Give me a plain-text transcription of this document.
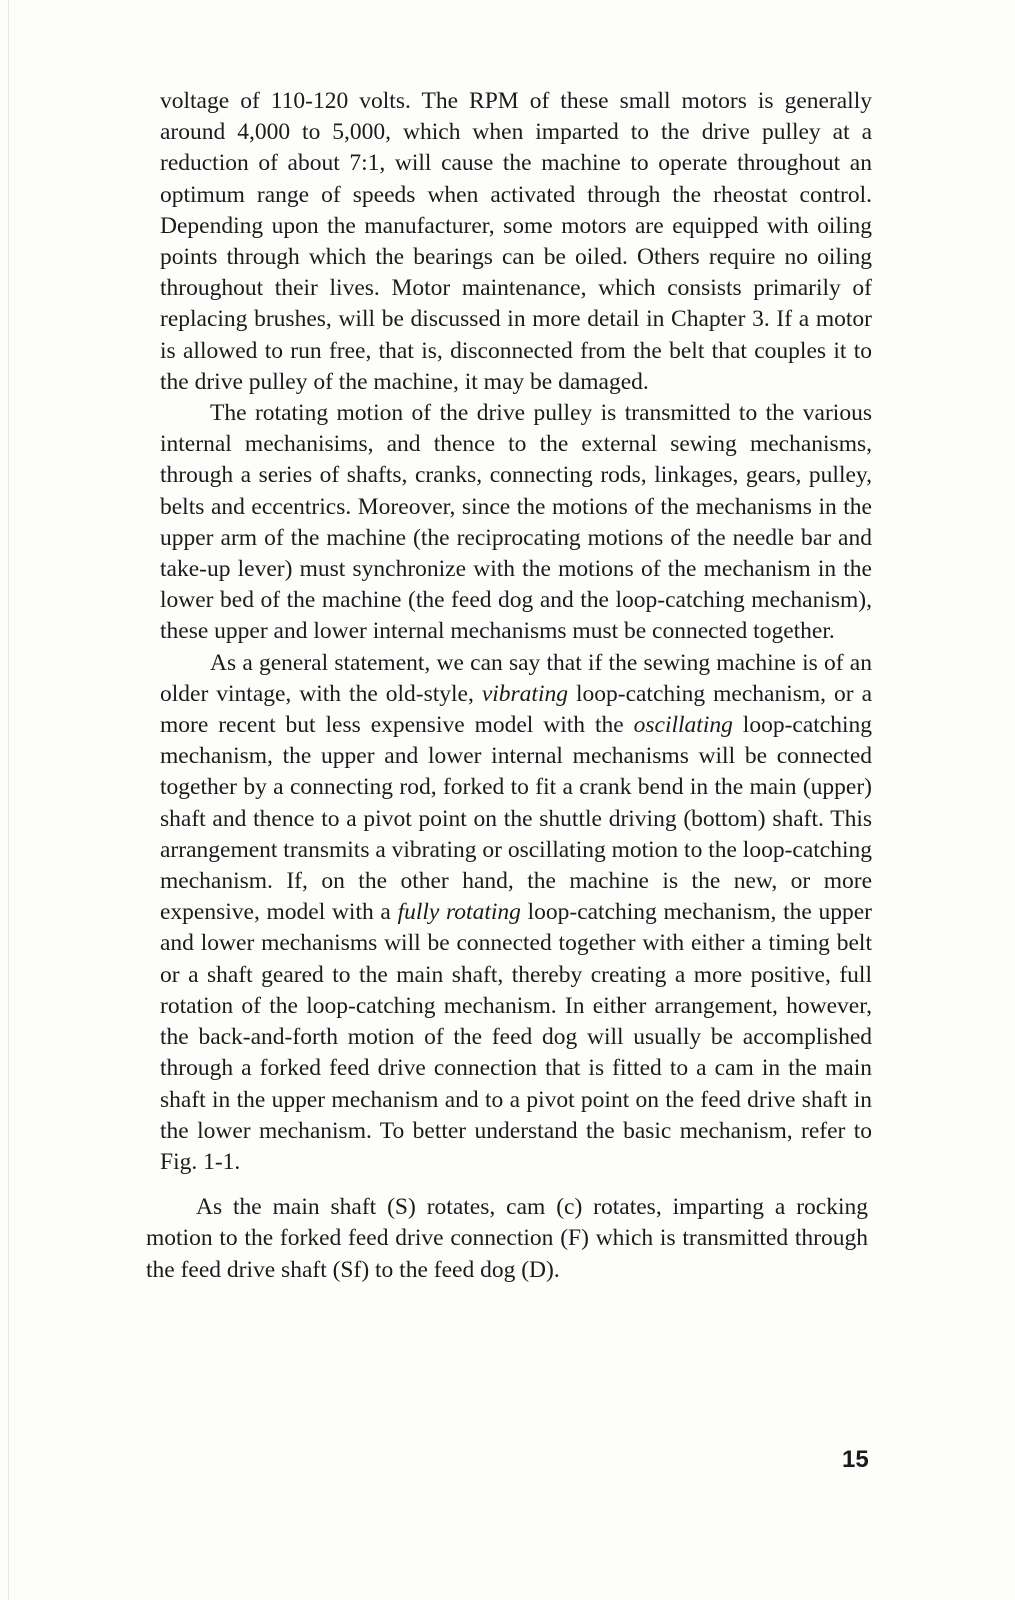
voltage of 110-120 volts. The RPM of these small motors is generally around 4,000 to 5,000, which when imparted to the drive pulley at a reduction of about 7:1, will cause the machine to operate throughout an optimum range of speeds when activated through the rheostat control. Depending upon the manufacturer, some motors are equipped with oiling points through which the bearings can be oiled. Others require no oiling throughout their lives. Motor maintenance, which consists primarily of replacing brushes, will be discussed in more detail in Chapter 3. If a motor is allowed to run free, that is, disconnected from the belt that couples it to the drive pulley of the machine, it may be damaged.

The rotating motion of the drive pulley is transmitted to the various internal mechanisims, and thence to the external sewing mechanisms, through a series of shafts, cranks, connecting rods, linkages, gears, pulley, belts and eccentrics. Moreover, since the motions of the mechanisms in the upper arm of the machine (the reciprocating motions of the needle bar and take-up lever) must synchronize with the motions of the mechanism in the lower bed of the machine (the feed dog and the loop-catching mechanism), these upper and lower internal mechanisms must be connected together.

As a general statement, we can say that if the sewing machine is of an older vintage, with the old-style, vibrating loop-catching mechanism, or a more recent but less expensive model with the oscillating loop-catching mechanism, the upper and lower internal mechanisms will be connected together by a connecting rod, forked to fit a crank bend in the main (upper) shaft and thence to a pivot point on the shuttle driving (bottom) shaft. This arrangement transmits a vibrating or oscillating motion to the loop-catching mechanism. If, on the other hand, the machine is the new, or more expensive, model with a fully rotating loop-catching mechanism, the upper and lower mechanisms will be connected together with either a timing belt or a shaft geared to the main shaft, thereby creating a more positive, full rotation of the loop-catching mechanism. In either arrangement, however, the back-and-forth motion of the feed dog will usually be accomplished through a forked feed drive connection that is fitted to a cam in the main shaft in the upper mechanism and to a pivot point on the feed drive shaft in the lower mechanism. To better understand the basic mechanism, refer to Fig. 1-1.

As the main shaft (S) rotates, cam (c) rotates, imparting a rocking motion to the forked feed drive connection (F) which is transmitted through the feed drive shaft (Sf) to the feed dog (D).

15
